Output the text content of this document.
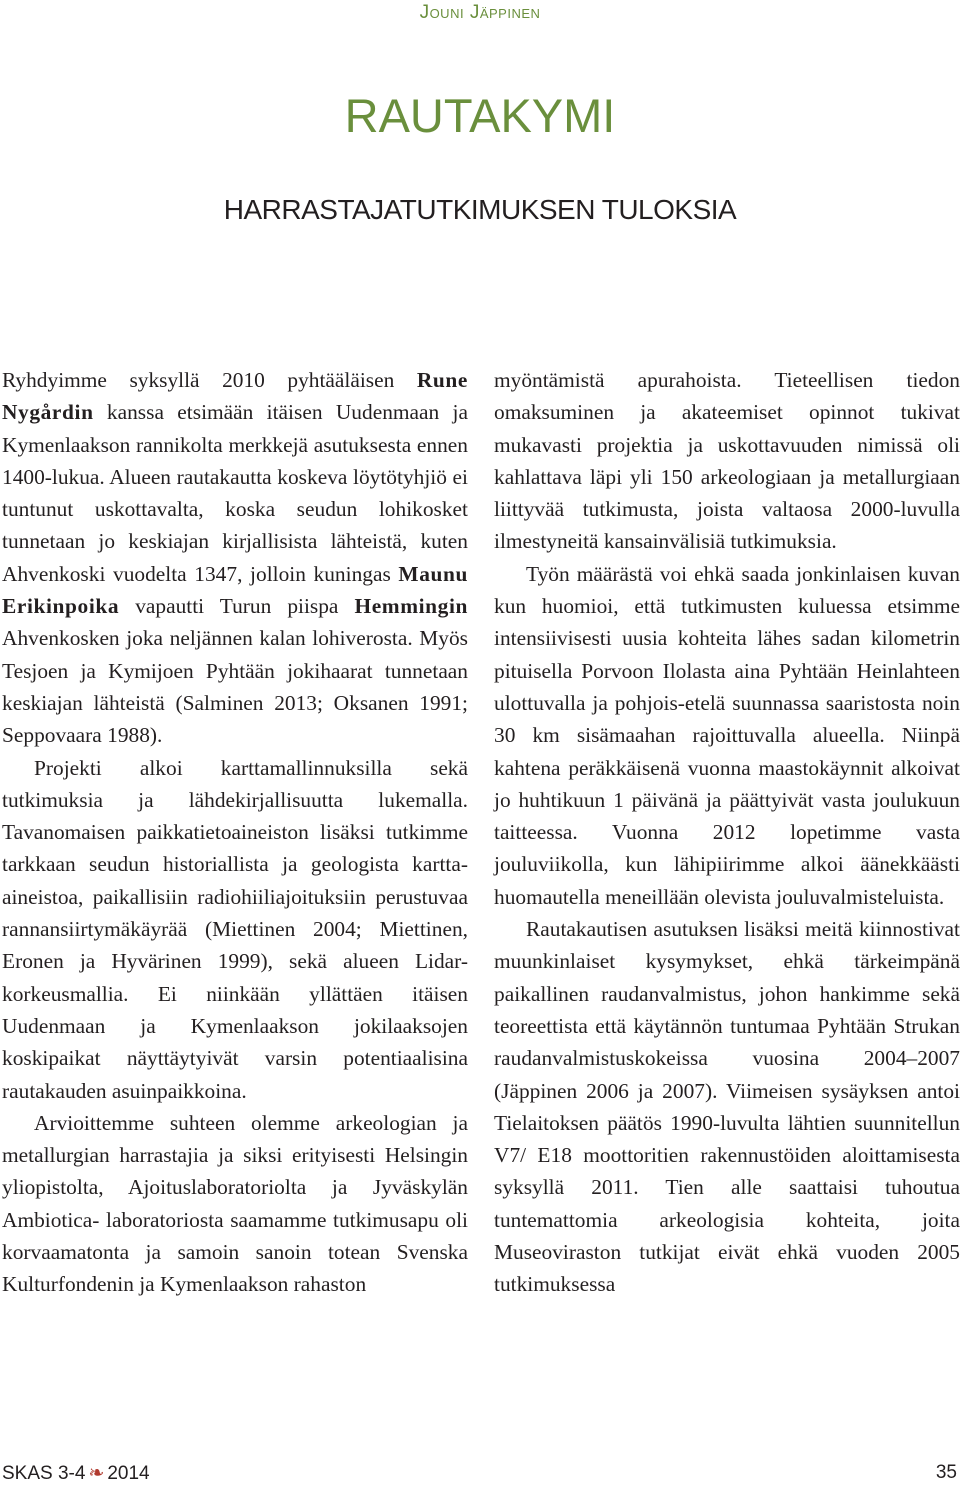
Jouni Jäppinen
RAUTAKYMI
HARRASTAJATUTKIMUKSEN TULOKSIA

Ryhdyimme syksyllä 2010 pyhtääläisen Rune Nygårdin kanssa etsimään itäisen Uudenmaan ja Kymenlaakson rannikolta merkkejä asutuksesta ennen 1400-lukua. Alueen rautakautta koskeva löytötyhjiö ei tuntunut uskottavalta, koska seudun lohikosket tunnetaan jo keskiajan kirjallisista lähteistä, kuten Ahvenkoski vuodelta 1347, jolloin kuningas Maunu Erikinpoika vapautti Turun piispa Hemmingin Ahvenkosken joka neljännen kalan lohiverosta. Myös Tesjoen ja Kymijoen Pyhtään jokihaarat tunnetaan keskiajan lähteistä (Salminen 2013; Oksanen 1991; Seppovaara 1988).

Projekti alkoi karttamallinnuksilla sekä tutkimuksia ja lähdekirjallisuutta lukemalla. Tavanomaisen paikkatietoaineiston lisäksi tutkimme tarkkaan seudun historiallista ja geologista kartta-aineistoa, paikallisiin radiohiiliajoituksiin perustuvaa rannansiirtymäkäyrää (Miettinen 2004; Miettinen, Eronen ja Hyvärinen 1999), sekä alueen Lidar-korkeusmallia. Ei niinkään yllättäen itäisen Uudenmaan ja Kymenlaakson jokilaaksojen koskipaikat näyttäytyivät varsin potentiaalisina rautakauden asuinpaikkoina.

Arvioittemme suhteen olemme arkeologian ja metallurgian harrastajia ja siksi erityisesti Helsingin yliopistolta, Ajoituslaboratoriolta ja Jyväskylän Ambiotica- laboratoriosta saamamme tutkimusapu oli korvaamatonta ja samoin sanoin totean Svenska Kulturfondenin ja Kymenlaakson rahaston

myöntämistä apurahoista. Tieteellisen tiedon omaksuminen ja akateemiset opinnot tukivat mukavasti projektia ja uskottavuuden nimissä oli kahlattava läpi yli 150 arkeologiaan ja metallurgiaan liittyvää tutkimusta, joista valtaosa 2000-luvulla ilmestyneitä kansainvälisiä tutkimuksia.

Työn määrästä voi ehkä saada jonkinlaisen kuvan kun huomioi, että tutkimusten kuluessa etsimme intensiivisesti uusia kohteita lähes sadan kilometrin pituisella Porvoon Ilolasta aina Pyhtään Heinlahteen ulottuvalla ja pohjois-etelä suunnassa saaristosta noin 30 km sisämaahan rajoittuvalla alueella. Niinpä kahtena peräkkäisenä vuonna maastokäynnit alkoivat jo huhtikuun 1 päivänä ja päättyivät vasta joulukuun taitteessa. Vuonna 2012 lopetimme vasta jouluviikolla, kun lähipiirimme alkoi äänekkäästi huomautella meneillään olevista jouluvalmisteluista.

Rautakautisen asutuksen lisäksi meitä kiinnostivat muunkinlaiset kysymykset, ehkä tärkeimpänä paikallinen raudanvalmistus, johon hankimme sekä teoreettista että käytännön tuntumaa Pyhtään Strukan raudanvalmistuskokeissa vuosina 2004–2007 (Jäppinen 2006 ja 2007). Viimeisen sysäyksen antoi Tielaitoksen päätös 1990-luvulta lähtien suunnitellun V7/ E18 moottoritien rakennustöiden aloittamisesta syksyllä 2011. Tien alle saattaisi tuhoutua tuntemattomia arkeologisia kohteita, joita Museoviraston tutkijat eivät ehkä vuoden 2005 tutkimuksessa

SKAS 3-4 ❧ 2014	35
